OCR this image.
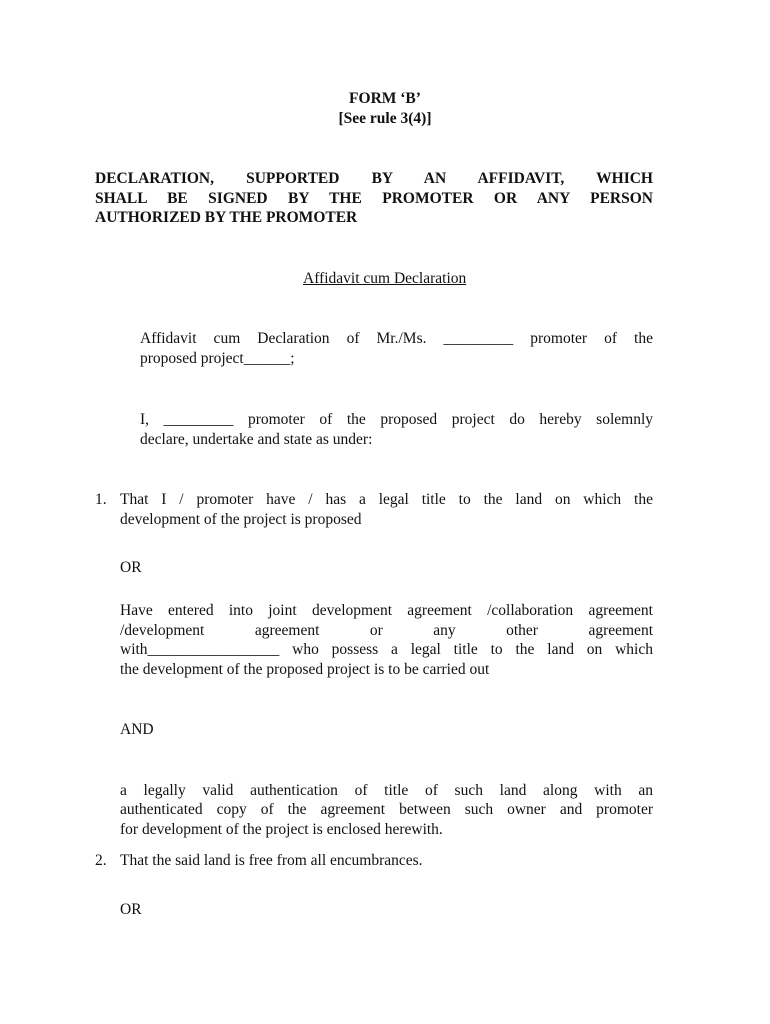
FORM ‘B’
[See rule 3(4)]
DECLARATION, SUPPORTED BY AN AFFIDAVIT, WHICH
SHALL BE SIGNED BY THE PROMOTER OR ANY PERSON
AUTHORIZED BY THE PROMOTER
Affidavit cum Declaration
Affidavit cum Declaration of Mr./Ms. _________ promoter of the
proposed project______;
I, _________ promoter of the proposed project do hereby solemnly
declare, undertake and state as under:
1. That I / promoter have / has a legal title to the land on which the
development of the project is proposed
OR
Have entered into joint development agreement /collaboration agreement
/development agreement or any other agreement
with_________________ who possess a legal title to the land on which
the development of the proposed project is to be carried out
AND
a legally valid authentication of title of such land along with an
authenticated copy of the agreement between such owner and promoter
for development of the project is enclosed herewith.
2. That the said land is free from all encumbrances.
OR
